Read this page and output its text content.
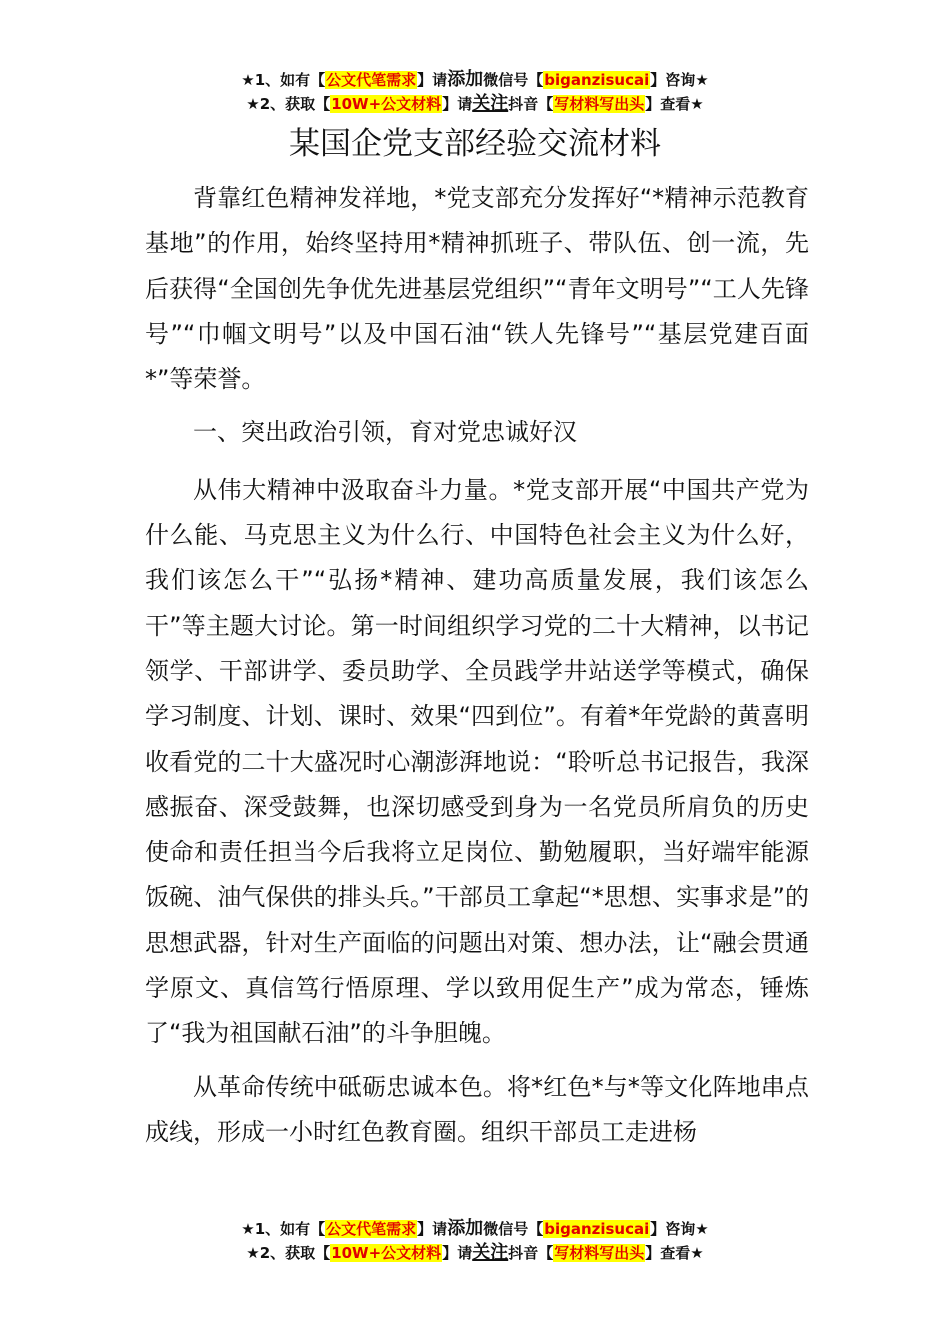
★1、如有【公文代笔需求】请添加微信号【biganzisucai】咨询★
★2、获取【10W+公文材料】请关注抖音【写材料写出头】查看★
某国企党支部经验交流材料

背靠红色精神发祥地，*党支部充分发挥好“*精神示范教育基地”的作用，始终坚持用*精神抓班子、带队伍、创一流，先后获得“全国创先争优先进基层党组织”“青年文明号”“工人先锋号”“巾帼文明号”以及中国石油“铁人先锋号”“基层党建百面*”等荣誉。

一、突出政治引领，育对党忠诚好汉

从伟大精神中汲取奋斗力量。*党支部开展“中国共产党为什么能、马克思主义为什么行、中国特色社会主义为什么好，我们该怎么干”“弘扬*精神、建功高质量发展，我们该怎么干”等主题大讨论。第一时间组织学习党的二十大精神，以书记领学、干部讲学、委员助学、全员践学井站送学等模式，确保学习制度、计划、课时、效果“四到位”。有着*年党龄的黄喜明收看党的二十大盛况时心潮澎湃地说：“聆听总书记报告，我深感振奋、深受鼓舞，也深切感受到身为一名党员所肩负的历史使命和责任担当今后我将立足岗位、勤勉履职，当好端牢能源饭碗、油气保供的排头兵。”干部员工拿起“*思想、实事求是”的思想武器，针对生产面临的问题出对策、想办法，让“融会贯通学原文、真信笃行悟原理、学以致用促生产”成为常态，锤炼了“我为祖国献石油”的斗争胆魄。

从革命传统中砥砺忠诚本色。将*红色*与*等文化阵地串点成线，形成一小时红色教育圈。组织干部员工走进杨

★1、如有【公文代笔需求】请添加微信号【biganzisucai】咨询★
★2、获取【10W+公文材料】请关注抖音【写材料写出头】查看★
